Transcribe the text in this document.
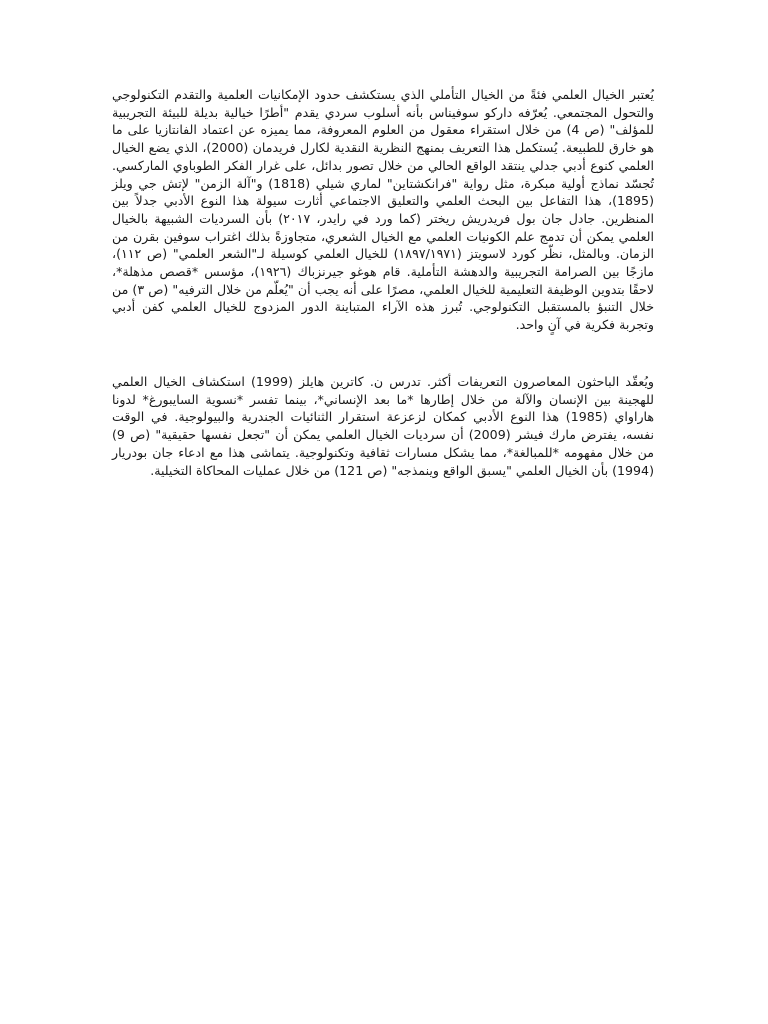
يُعتبر الخيال العلمي فئةً من الخيال التأملي الذي يستكشف حدود الإمكانيات العلمية والتقدم التكنولوجي والتحول المجتمعي. يُعرّفه داركو سوفيناس بأنه أسلوب سردي يقدم "أطرًا خيالية بديلة للبيئة التجريبية للمؤلف" (ص 4) من خلال استقراء معقول من العلوم المعروفة، مما يميزه عن اعتماد الفانتازيا على ما هو خارق للطبيعة. يُستكمل هذا التعريف بمنهج النظرية النقدية لكارل فريدمان (2000)، الذي يضع الخيال العلمي كنوع أدبي جدلي ينتقد الواقع الحالي من خلال تصور بدائل، على غرار الفكر الطوباوي الماركسي. تُجسّد نماذج أولية مبكرة، مثل رواية "فرانكشتاين" لماري شيلي (1818) و"آلة الزمن" لإتش جي ويلز (1895)، هذا التفاعل بين البحث العلمي والتعليق الاجتماعي أثارت سيولة هذا النوع الأدبي جدلاً بين المنظرين. جادل جان بول فريدريش ريختر (كما ورد في رايدر، ٢٠١٧) بأن السرديات الشبيهة بالخيال العلمي يمكن أن تدمج علم الكونيات العلمي مع الخيال الشعري، متجاوزةً بذلك اغتراب سوفين بقرن من الزمان. وبالمثل، نظّر كورد لاسويتز (١٨٩٧/١٩٧١) للخيال العلمي كوسيلة لـ"الشعر العلمي" (ص ١١٢)، مازجًا بين الصرامة التجريبية والدهشة التأملية. قام هوغو جيرنزباك (١٩٢٦)، مؤسس *قصص مذهلة*، لاحقًا بتدوين الوظيفة التعليمية للخيال العلمي، مصرًا على أنه يجب أن "يُعلّم من خلال الترفيه" (ص ٣) من خلال التنبؤ بالمستقبل التكنولوجي. تُبرز هذه الآراء المتباينة الدور المزدوج للخيال العلمي كفن أدبي وتجربة فكرية في آنٍ واحد.

ويُعقّد الباحثون المعاصرون التعريفات أكثر. تدرس ن. كاترين هايلز (1999) استكشاف الخيال العلمي للهجينة بين الإنسان والآلة من خلال إطارها *ما بعد الإنساني*، بينما تفسر *نسوية السايبورغ* لدونا هاراواي (1985) هذا النوع الأدبي كمكان لزعزعة استقرار الثنائيات الجندرية والبيولوجية. في الوقت نفسه، يفترض مارك فيشر (2009) أن سرديات الخيال العلمي يمكن أن "تجعل نفسها حقيقية" (ص 9) من خلال مفهومه *للمبالغة*، مما يشكل مسارات ثقافية وتكنولوجية. يتماشى هذا مع ادعاء جان بودريار (1994) بأن الخيال العلمي "يسبق الواقع وينمذجه" (ص 121) من خلال عمليات المحاكاة التخيلية.
